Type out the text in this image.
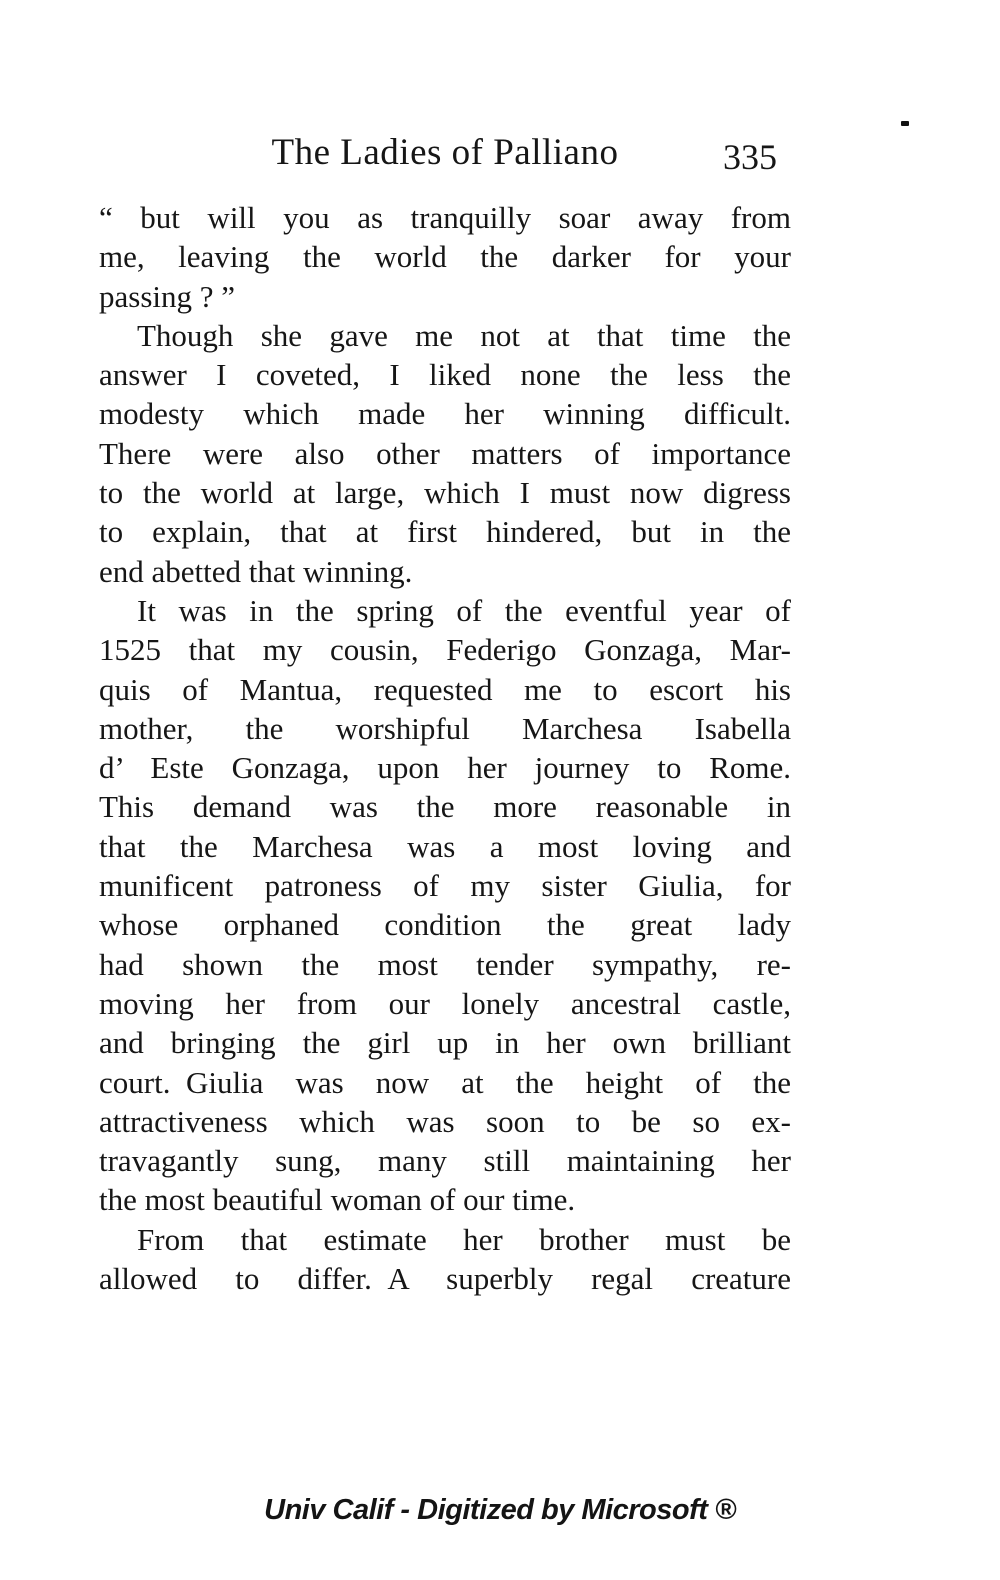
The Ladies of Palliano	335
“ but will you as tranquilly soar away from
me, leaving the world the darker for your
passing ? ”
Though she gave me not at that time the
answer I coveted, I liked none the less the
modesty which made her winning difficult.
There were also other matters of importance
to the world at large, which I must now digress
to explain, that at first hindered, but in the
end abetted that winning.
It was in the spring of the eventful year of
1525 that my cousin, Federigo Gonzaga, Mar-
quis of Mantua, requested me to escort his
mother, the worshipful Marchesa Isabella
d’ Este Gonzaga, upon her journey to Rome.
This demand was the more reasonable in
that the Marchesa was a most loving and
munificent patroness of my sister Giulia, for
whose orphaned condition the great lady
had shown the most tender sympathy, re-
moving her from our lonely ancestral castle,
and bringing the girl up in her own brilliant
court. Giulia was now at the height of the
attractiveness which was soon to be so ex-
travagantly sung, many still maintaining her
the most beautiful woman of our time.
From that estimate her brother must be
allowed to differ. A superbly regal creature
Univ Calif - Digitized by Microsoft ®
